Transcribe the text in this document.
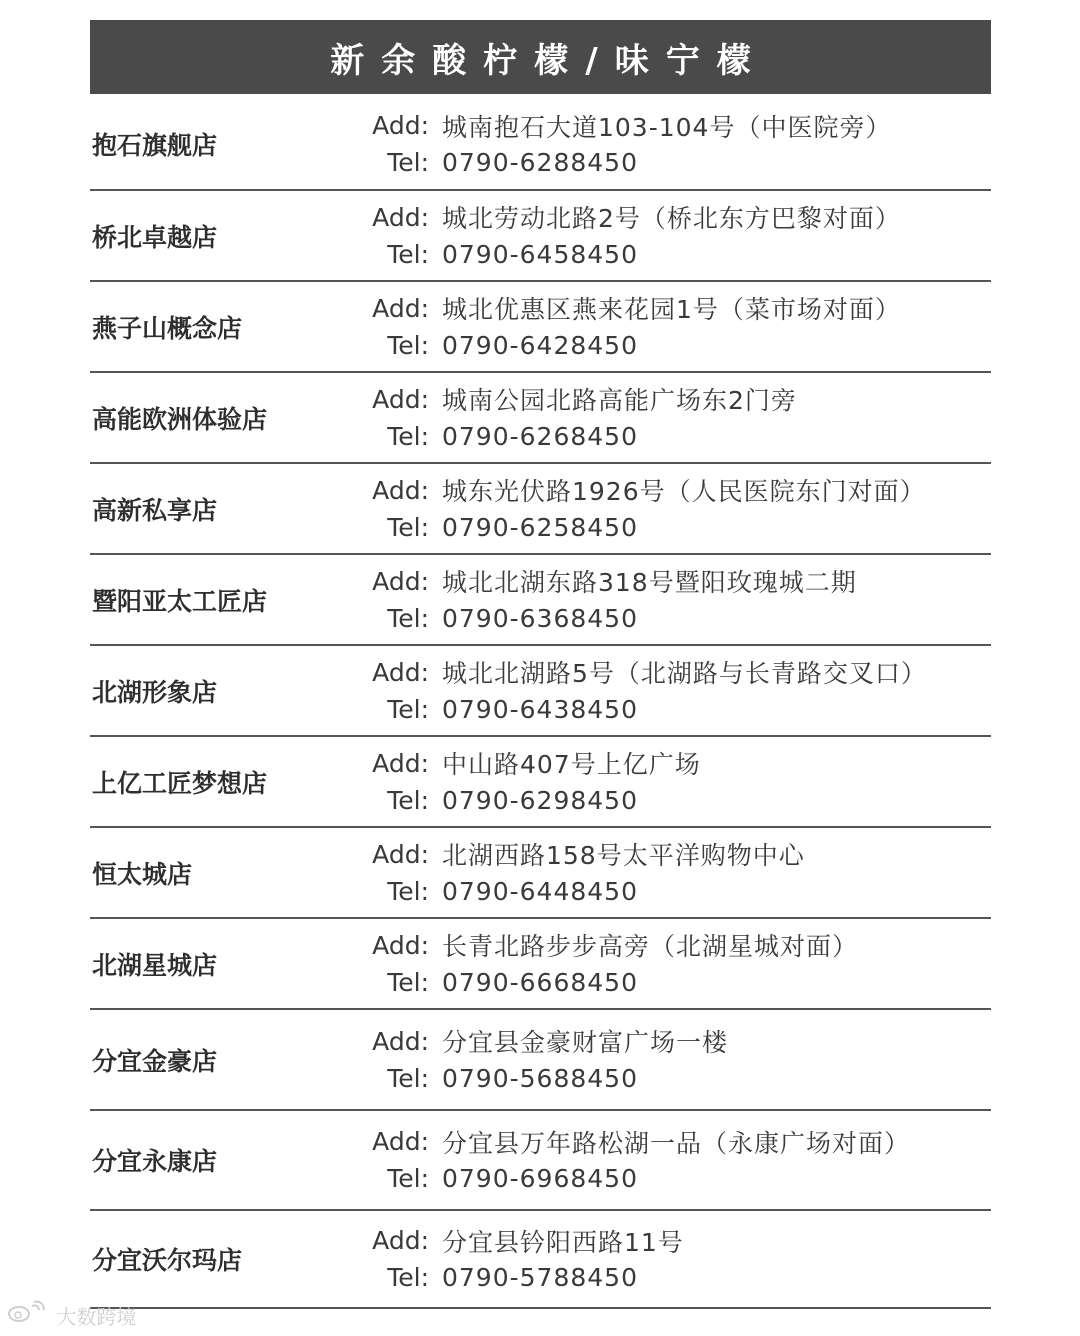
新余酸柠檬/味宁檬
抱石旗舰店
Add: 城南抱石大道103-104号（中医院旁）
Tel: 0790-6288450
桥北卓越店
Add: 城北劳动北路2号（桥北东方巴黎对面）
Tel: 0790-6458450
燕子山概念店
Add: 城北优惠区燕来花园1号（菜市场对面）
Tel: 0790-6428450
高能欧洲体验店
Add: 城南公园北路高能广场东2门旁
Tel: 0790-6268450
高新私享店
Add: 城东光伏路1926号（人民医院东门对面）
Tel: 0790-6258450
暨阳亚太工匠店
Add: 城北北湖东路318号暨阳玫瑰城二期
Tel: 0790-6368450
北湖形象店
Add: 城北北湖路5号（北湖路与长青路交叉口）
Tel: 0790-6438450
上亿工匠梦想店
Add: 中山路407号上亿广场
Tel: 0790-6298450
恒太城店
Add: 北湖西路158号太平洋购物中心
Tel: 0790-6448450
北湖星城店
Add: 长青北路步步高旁（北湖星城对面）
Tel: 0790-6668450
分宜金豪店
Add: 分宜县金豪财富广场一楼
Tel: 0790-5688450
分宜永康店
Add: 分宜县万年路松湖一品（永康广场对面）
Tel: 0790-6968450
分宜沃尔玛店
Add: 分宜县钤阳西路11号
Tel: 0790-5788450
大数跨境
